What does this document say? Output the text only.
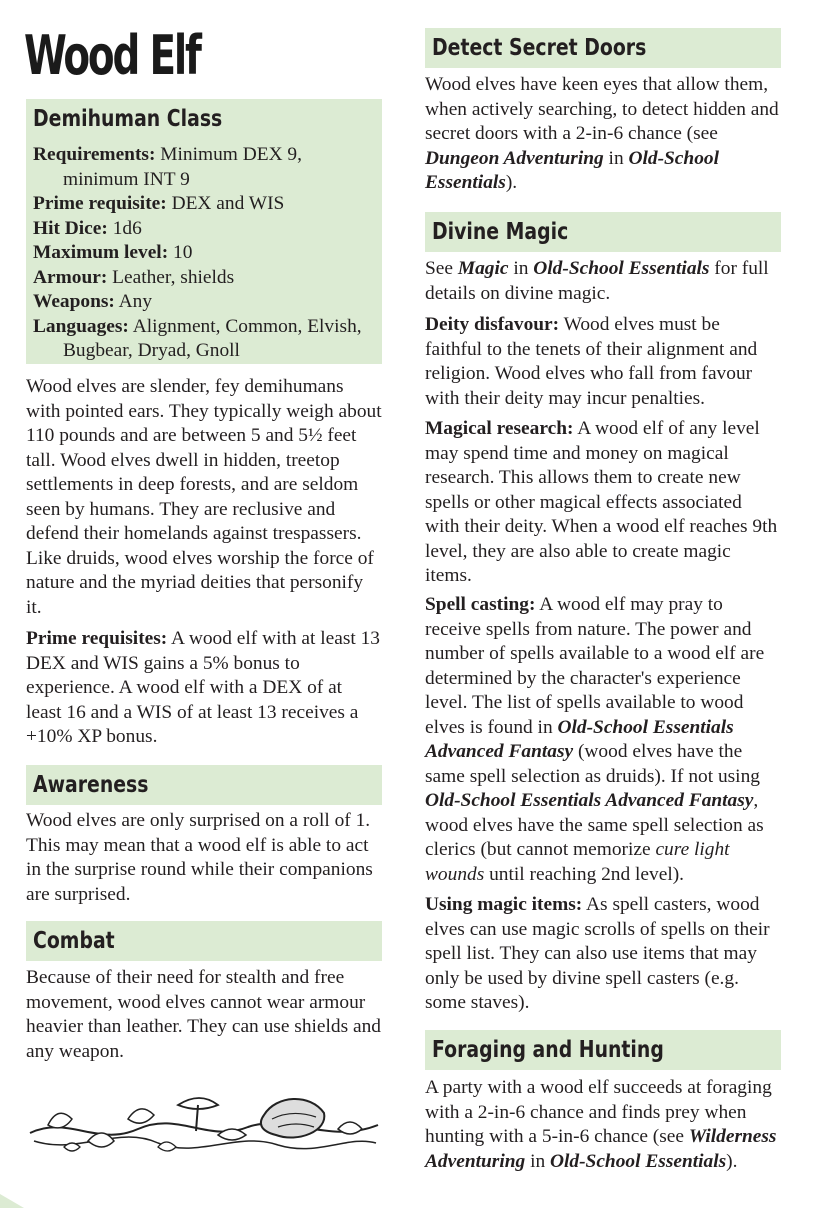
Wood Elf
Demihuman Class

Requirements: Minimum DEX 9, minimum INT 9

Prime requisite: DEX and WIS

Hit Dice: 1d6

Maximum level: 10

Armour: Leather, shields

Weapons: Any

Languages: Alignment, Common, Elvish, Bugbear, Dryad, Gnoll

Wood elves are slender, fey demihumans with pointed ears. They typically weigh about 110 pounds and are between 5 and 5½ feet tall. Wood elves dwell in hidden, treetop settlements in deep forests, and are seldom seen by humans. They are reclusive and defend their homelands against trespassers. Like druids, wood elves worship the force of nature and the myriad deities that personify it.

Prime requisites: A wood elf with at least 13 DEX and WIS gains a 5% bonus to experience. A wood elf with a DEX of at least 16 and a WIS of at least 13 receives a +10% XP bonus.

Awareness

Wood elves are only surprised on a roll of 1. This may mean that a wood elf is able to act in the surprise round while their companions are surprised.

Combat

Because of their need for stealth and free movement, wood elves cannot wear armour heavier than leather. They can use shields and any weapon.

Detect Secret Doors

Wood elves have keen eyes that allow them, when actively searching, to detect hidden and secret doors with a 2-in-6 chance (see Dungeon Adventuring in Old-School Essentials).

Divine Magic

See Magic in Old-School Essentials for full details on divine magic.

Deity disfavour: Wood elves must be faithful to the tenets of their alignment and religion. Wood elves who fall from favour with their deity may incur penalties.

Magical research: A wood elf of any level may spend time and money on magical research. This allows them to create new spells or other magical effects associated with their deity. When a wood elf reaches 9th level, they are also able to create magic items.

Spell casting: A wood elf may pray to receive spells from nature. The power and number of spells available to a wood elf are determined by the character's experience level. The list of spells available to wood elves is found in Old-School Essentials Advanced Fantasy (wood elves have the same spell selection as druids). If not using Old-School Essentials Advanced Fantasy, wood elves have the same spell selection as clerics (but cannot memorize cure light wounds until reaching 2nd level).

Using magic items: As spell casters, wood elves can use magic scrolls of spells on their spell list. They can also use items that may only be used by divine spell casters (e.g. some staves).

Foraging and Hunting

A party with a wood elf succeeds at foraging with a 2-in-6 chance and finds prey when hunting with a 5-in-6 chance (see Wilderness Adventuring in Old-School Essentials).
